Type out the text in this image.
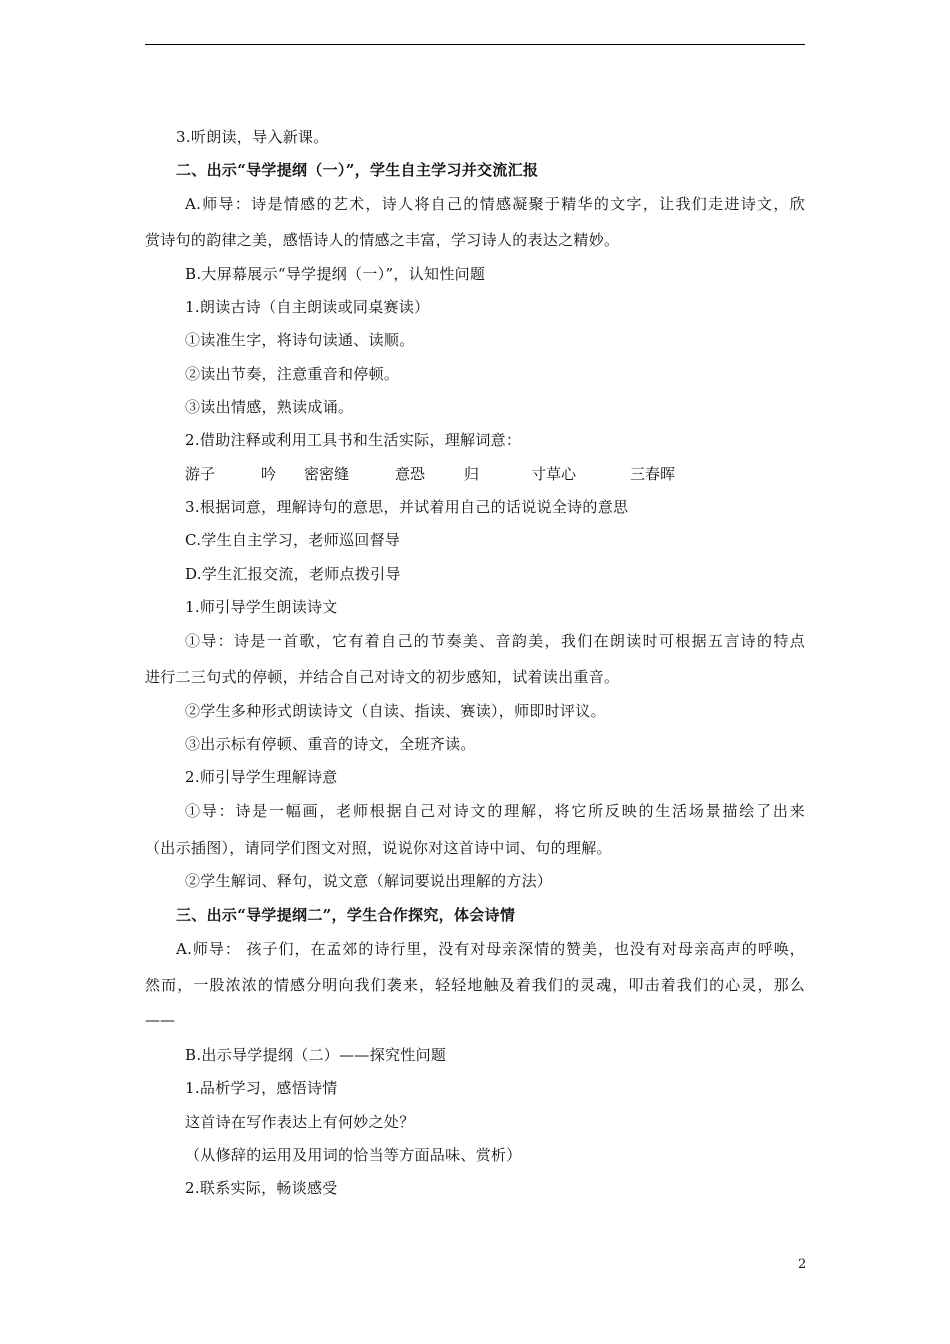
3.听朗读，导入新课。
二、出示“导学提纲（一）”，学生自主学习并交流汇报
A.师导：诗是情感的艺术，诗人将自己的情感凝聚于精华的文字，让我们走进诗文，欣
赏诗句的韵律之美，感悟诗人的情感之丰富，学习诗人的表达之精妙。
B.大屏幕展示“导学提纲（一）”，认知性问题
1.朗读古诗（自主朗读或同桌赛读）
①读准生字，将诗句读通、读顺。
②读出节奏，注意重音和停顿。
③读出情感，熟读成诵。
2.借助注释或利用工具书和生活实际，理解词意：
游子	吟 密密缝	意恐	归	寸草心	三春晖
3.根据词意，理解诗句的意思，并试着用自己的话说说全诗的意思
C.学生自主学习，老师巡回督导
D.学生汇报交流，老师点拨引导
1.师引导学生朗读诗文
①导：诗是一首歌，它有着自己的节奏美、音韵美，我们在朗读时可根据五言诗的特点
进行二三句式的停顿，并结合自己对诗文的初步感知，试着读出重音。
②学生多种形式朗读诗文（自读、指读、赛读），师即时评议。
③出示标有停顿、重音的诗文，全班齐读。
2.师引导学生理解诗意
①导：诗是一幅画，老师根据自己对诗文的理解，将它所反映的生活场景描绘了出来
（出示插图），请同学们图文对照，说说你对这首诗中词、句的理解。
②学生解词、释句，说文意（解词要说出理解的方法）
三、出示“导学提纲二”，学生合作探究，体会诗情
A.师导： 孩子们，在孟郊的诗行里，没有对母亲深情的赞美，也没有对母亲高声的呼唤，
然而，一股浓浓的情感分明向我们袭来，轻轻地触及着我们的灵魂，叩击着我们的心灵，那么
——
B.出示导学提纲（二）——探究性问题
1.品析学习，感悟诗情
这首诗在写作表达上有何妙之处？
（从修辞的运用及用词的恰当等方面品味、赏析）
2.联系实际，畅谈感受
2
